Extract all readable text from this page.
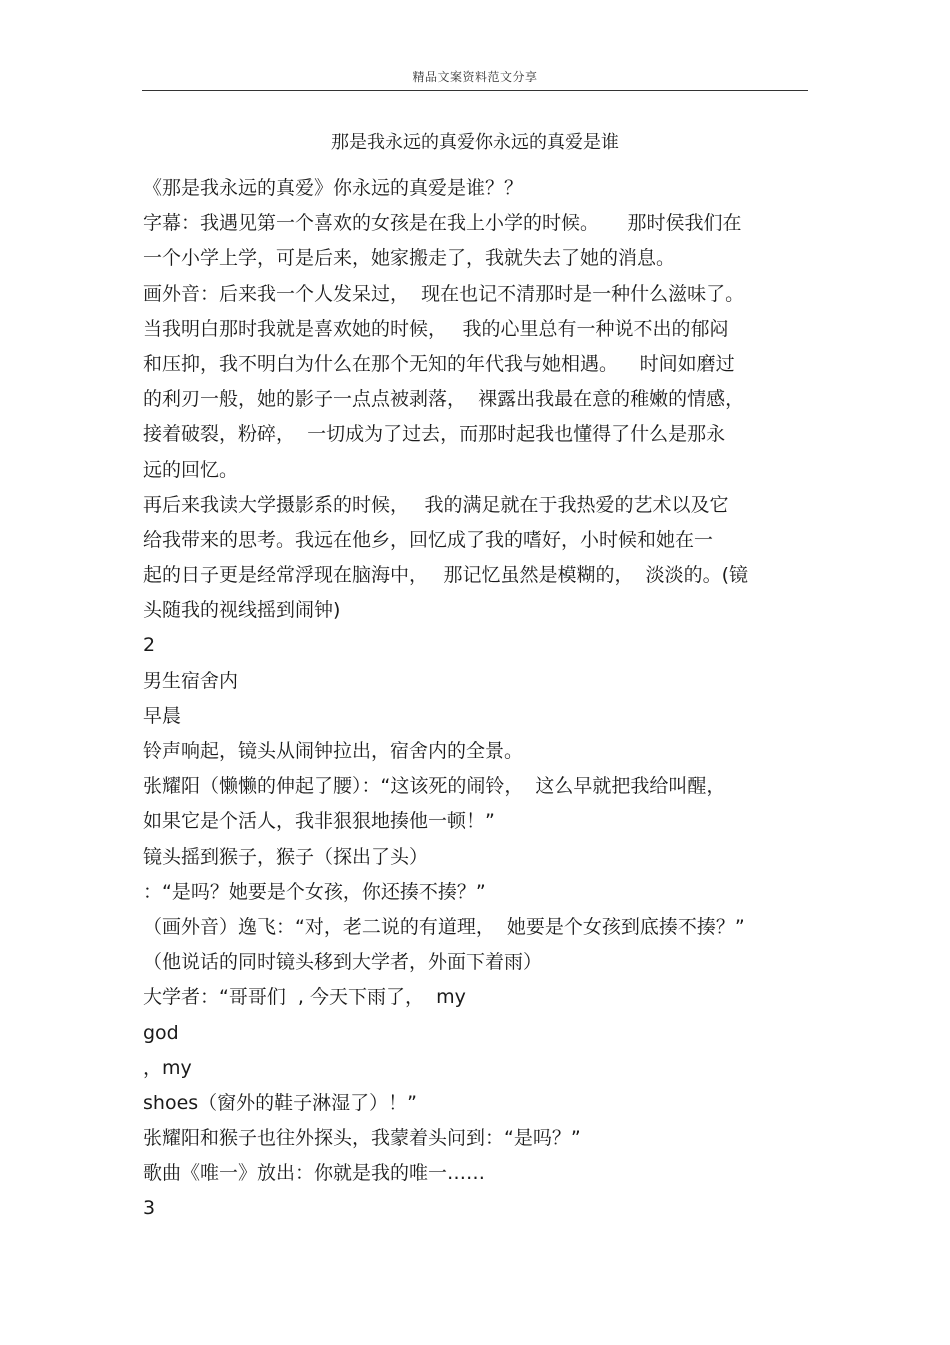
精品文案资料范文分享
那是我永远的真爱你永远的真爱是谁
《那是我永远的真爱》你永远的真爱是谁？？
字幕：我遇见第一个喜欢的女孩是在我上小学的时候。　　那时侯我们在
一个小学上学，可是后来，她家搬走了，我就失去了她的消息。
画外音：后来我一个人发呆过，  现在也记不清那时是一种什么滋味了。
当我明白那时我就是喜欢她的时候，　 我的心里总有一种说不出的郁闷
和压抑，我不明白为什么在那个无知的年代我与她相遇。　  时间如磨过
的利刃一般，她的影子一点点被剥落，  裸露出我最在意的稚嫩的情感，
接着破裂，粉碎，  一切成为了过去，而那时起我也懂得了什么是那永
远的回忆。
再后来我读大学摄影系的时候，　 我的满足就在于我热爱的艺术以及它
给我带来的思考。我远在他乡，回忆成了我的嗜好，小时候和她在一
起的日子更是经常浮现在脑海中，　 那记忆虽然是模糊的，  淡淡的。(镜
头随我的视线摇到闹钟)
2
男生宿舍内
早晨
铃声响起，镜头从闹钟拉出，宿舍内的全景。
张耀阳（懒懒的伸起了腰）：“这该死的闹铃，  这么早就把我给叫醒，
如果它是个活人，我非狠狠地揍他一顿！”
镜头摇到猴子，猴子（探出了头）
：“是吗？她要是个女孩，你还揍不揍？”
（画外音）逸飞：“对，老二说的有道理，  她要是个女孩到底揍不揍？”
（他说话的同时镜头移到大学者，外面下着雨）
大学者：“哥哥们  , 今天下雨了，  my
god
，my
shoes（窗外的鞋子淋湿了）！”
张耀阳和猴子也往外探头，我蒙着头问到：“是吗？”
歌曲《唯一》放出：你就是我的唯一……
3
